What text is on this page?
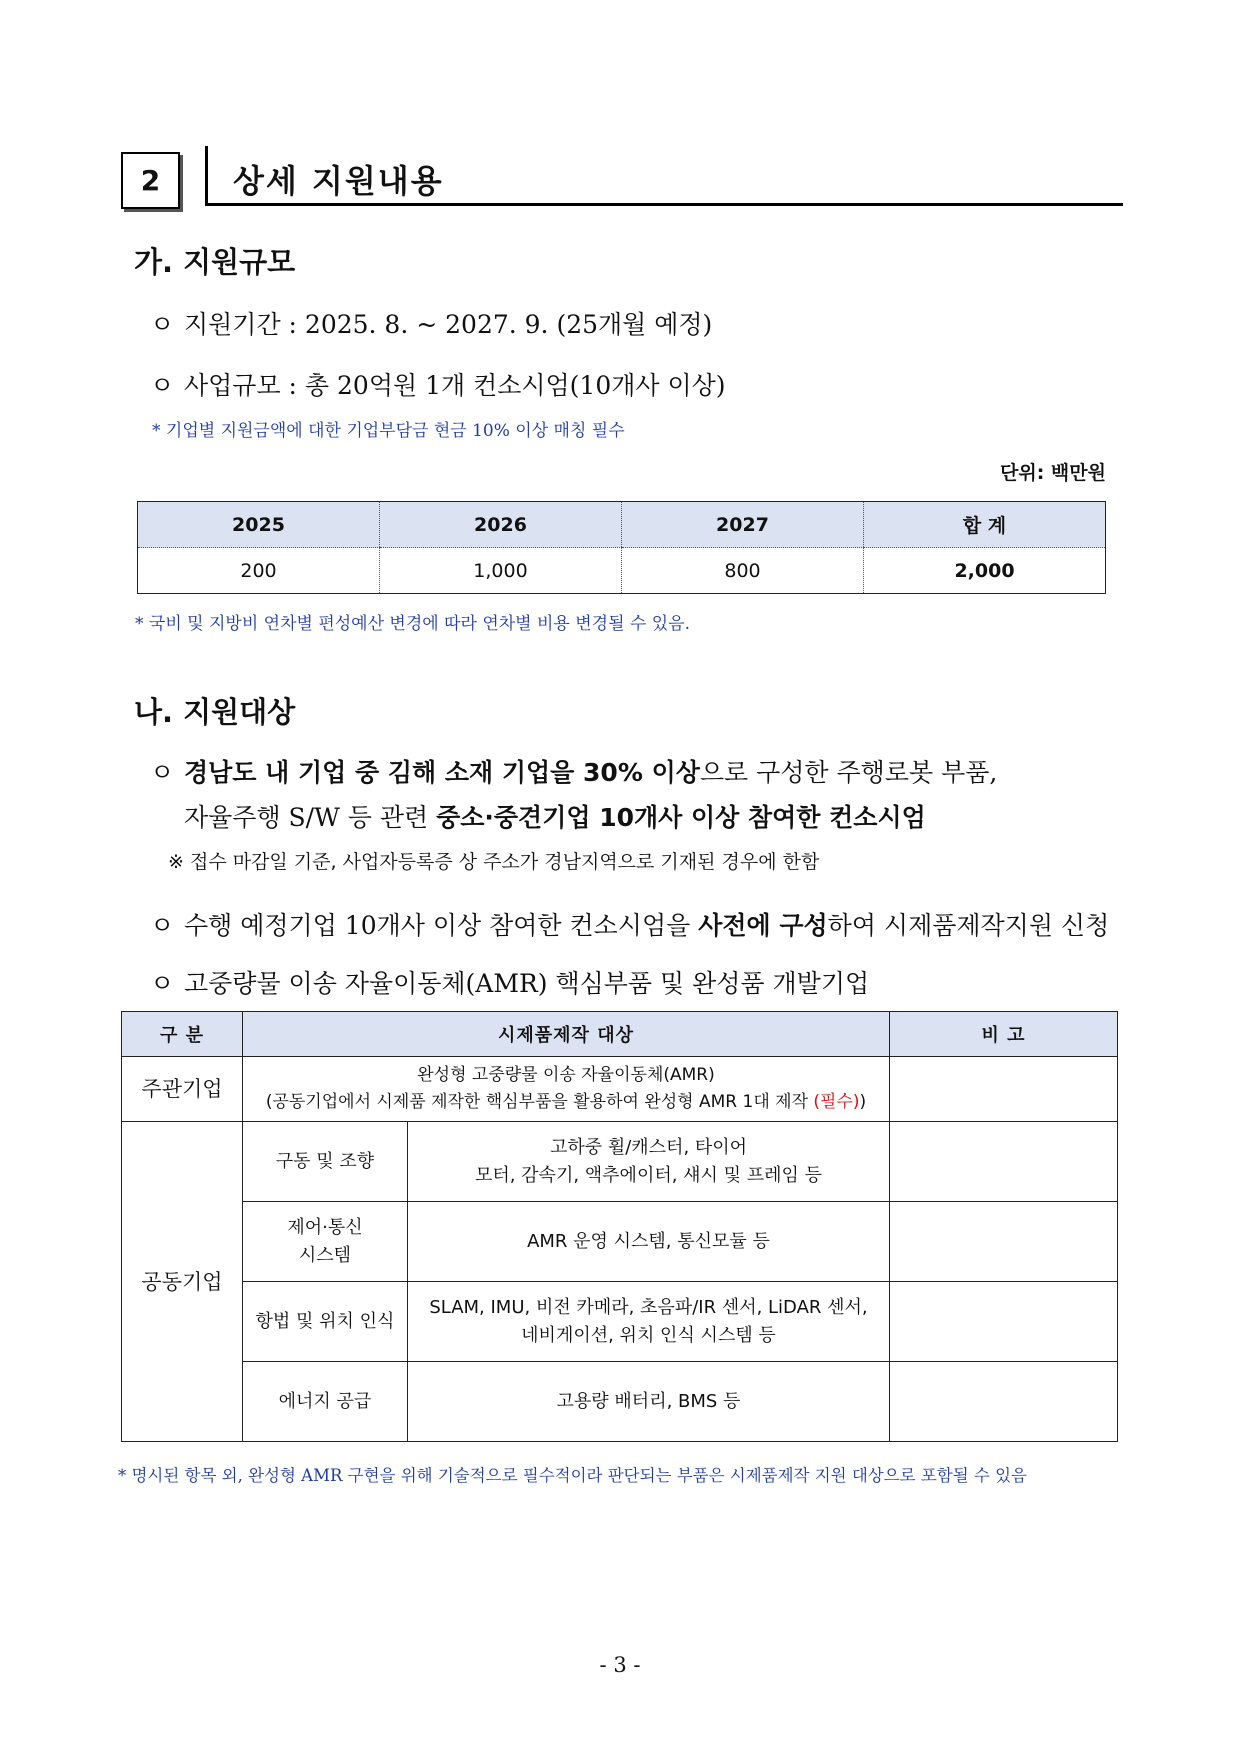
2	상세 지원내용
가. 지원규모
ㅇ 지원기간 : 2025. 8. ~ 2027. 9. (25개월 예정)
ㅇ 사업규모 : 총 20억원 1개 컨소시엄(10개사 이상)
* 기업별 지원금액에 대한 기업부담금 현금 10% 이상 매칭 필수
단위: 백만원
2025	2026	2027	합 계
200	1,000	800	2,000
* 국비 및 지방비 연차별 편성예산 변경에 따라 연차별 비용 변경될 수 있음.
나. 지원대상
ㅇ 경남도 내 기업 중 김해 소재 기업을 30% 이상으로 구성한 주행로봇 부품,
자율주행 S/W 등 관련 중소·중견기업 10개사 이상 참여한 컨소시엄
※ 접수 마감일 기준, 사업자등록증 상 주소가 경남지역으로 기재된 경우에 한함
ㅇ 수행 예정기업 10개사 이상 참여한 컨소시엄을 사전에 구성하여 시제품제작지원 신청
ㅇ 고중량물 이송 자율이동체(AMR) 핵심부품 및 완성품 개발기업
구 분	시제품제작 대상		비 고
주관기업	완성형 고중량물 이송 자율이동체(AMR)
(공동기업에서 시제품 제작한 핵심부품을 활용하여 완성형 AMR 1대 제작 (필수))		

공동기업	구동 및 조향	고하중 휠/캐스터, 타이어
모터, 감속기, 액추에이터, 섀시 및 프레임 등	

	제어·통신
시스템	AMR 운영 시스템, 통신모듈 등	

	항법 및 위치 인식	SLAM, IMU, 비전 카메라, 초음파/IR 센서, LiDAR 센서,
네비게이션, 위치 인식 시스템 등	

	에너지 공급	고용량 배터리, BMS 등	

* 명시된 항목 외, 완성형 AMR 구현을 위해 기술적으로 필수적이라 판단되는 부품은 시제품제작 지원 대상으로 포함될 수 있음
- 3 -
